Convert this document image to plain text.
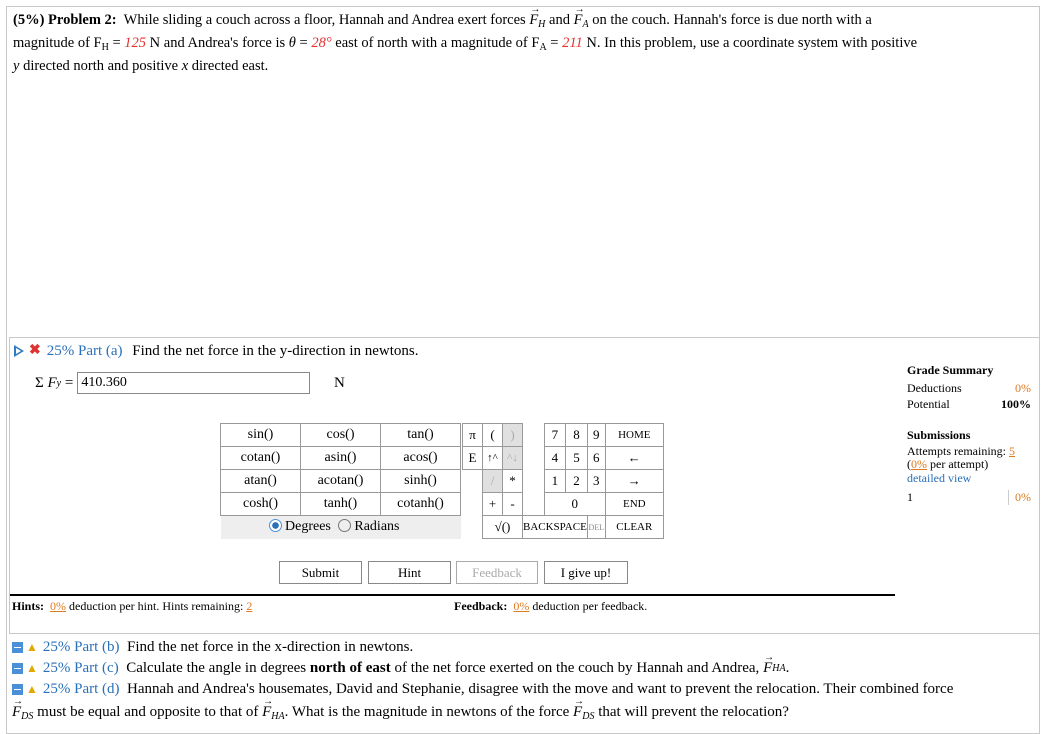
(5%) Problem 2: While sliding a couch across a floor, Hannah and Andrea exert forces → $F_H$ and → $F_A$ on the couch. Hannah's force is due north with a
magnitude of $F_H = 125$ N and Andrea's force is θ = 28° east of north with a magnitude of $F_A = 211$ N. In this problem, use a coordinate system with positive
y directed north and positive x directed east.
✖ 25% Part (a)
Find the net force in the y-direction in newtons.
Σ
F y
= 410.360	N
sin()	cos()	tan()
cotan()	asin()	acos()
atan()	acotan()	sinh()
cosh()	tanh()	cotanh()
Degrees Radians		
π	(	)		7	8	9	HOME
E	↑^	^↓		4	5	6	←
	/	*		1	2	3	→
	+	-		0			END
	√()		BACKSPACE			DEL	CLEAR
Submit	Hint	Feedback	I give up!
Hints: 0% deduction per hint. Hints remaining: 2	Feedback: 0% deduction per feedback.
Grade Summary
Deductions	0%
Potential	100%
Submissions
Attempts remaining: 5
(0% per attempt)
detailed view
1	0%
▲ 25% Part (b)
Find the net force in the x-direction in newtons.
▲ 25% Part (c)
Calculate the angle in degrees
north of east
of the net force exerted on the couch by Hannah and Andrea,
→ F HA .
▲ 25% Part (d)
Hannah and Andrea's housemates, David and Stephanie, disagree with the move and want to prevent the relocation. Their combined force
→ $F_{DS}$ must be equal and opposite to that of → $F_{HA}$. What is the magnitude in newtons of the force → $F_{DS}$ that will prevent the relocation?
